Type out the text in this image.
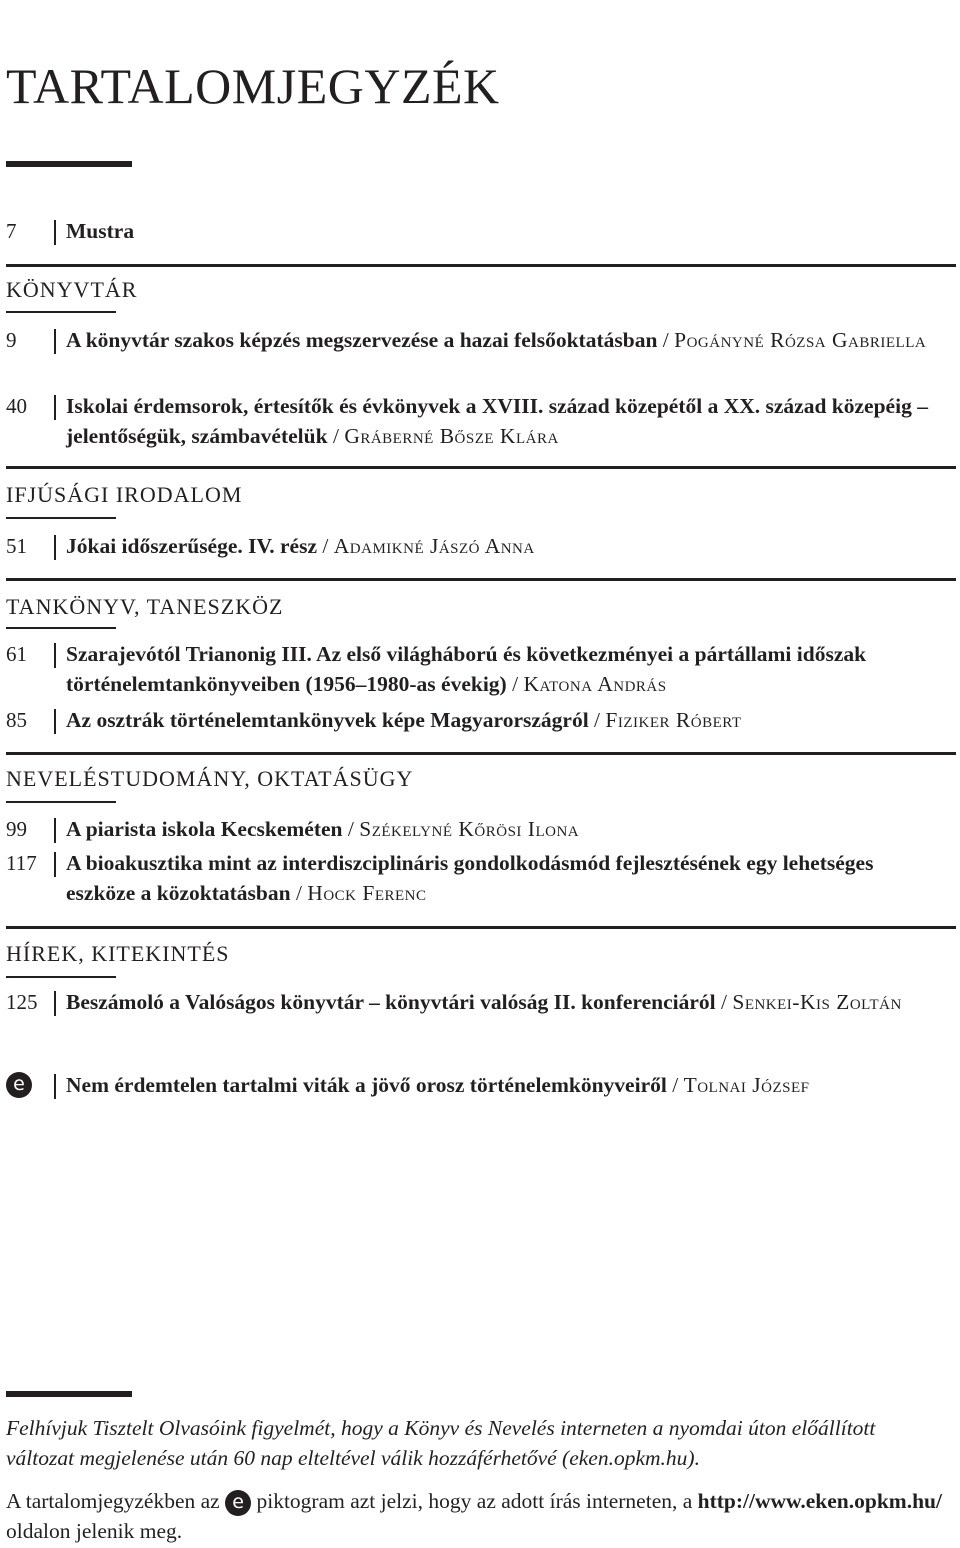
TARTALOMJEGYZÉK
7	Mustra
KÖNYVTÁR
9	A könyvtár szakos képzés megszervezése a hazai felsőoktatásban / Pogányné Rózsa Gabriella
40	Iskolai érdemsorok, értesítők és évkönyvek a XVIII. század közepétől a XX. század közepéig – jelentőségük, számbavételük / Gráberné Bősze Klára
IFJÚSÁGI IRODALOM
51	Jókai időszerűsége. IV. rész / Adamikné Jászó Anna
TANKÖNYV, TANESZKÖZ
61	Szarajevótól Trianonig III. Az első világháború és következményei a pártállami időszak történelemtankönyveiben (1956–1980-as évekig) / Katona András
85	Az osztrák történelemtankönyvek képe Magyarországról / Fiziker Róbert
NEVELÉSTUDOMÁNY, OKTATÁSÜGY
99	A piarista iskola Kecskeméten / Székelyné Kőrösi Ilona
117	A bioakusztika mint az interdiszciplináris gondolkodásmód fejlesztésének egy lehetséges eszköze a közoktatásban / Hock Ferenc
HÍREK, KITEKINTÉS
125	Beszámoló a Valóságos könyvtár – könyvtári valóság II. konferenciáról / Senkei-Kis Zoltán
e	Nem érdemtelen tartalmi viták a jövő orosz történelemkönyveiről / Tolnai József

Felhívjuk Tisztelt Olvasóink figyelmét, hogy a Könyv és Nevelés interneten a nyomdai úton előállított változat megjelenése után 60 nap elteltével válik hozzáférhetővé (eken.opkm.hu).

A tartalomjegyzékben az e piktogram azt jelzi, hogy az adott írás interneten, a http://www.eken.opkm.hu/ oldalon jelenik meg.
